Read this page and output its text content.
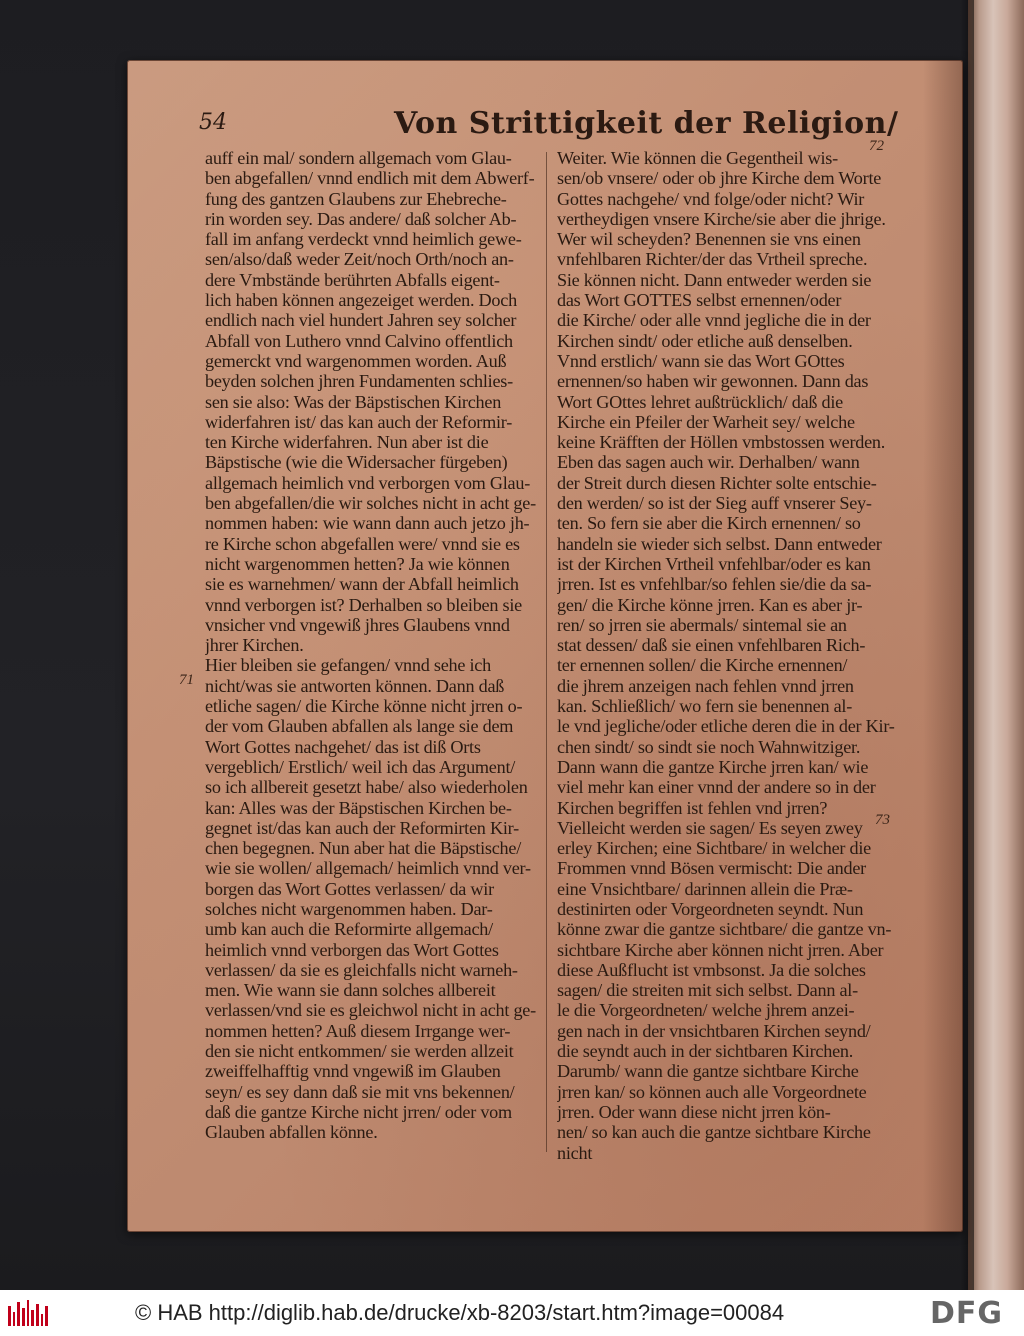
54	Von Strittigkeit der Religion/
72
71
73
auff ein mal/ sondern allgemach vom Glau-
ben abgefallen/ vnnd endlich mit dem Abwerf-
fung des gantzen Glaubens zur Ehebreche-
rin worden sey. Das andere/ daß solcher Ab-
fall im anfang verdeckt vnnd heimlich gewe-
sen/also/daß weder Zeit/noch Orth/noch an-
dere Vmbstände berührten Abfalls eigent-
lich haben können angezeiget werden. Doch
endlich nach viel hundert Jahren sey solcher
Abfall von Luthero vnnd Calvino offentlich
gemerckt vnd wargenommen worden. Auß
beyden solchen jhren Fundamenten schlies-
sen sie also: Was der Bäpstischen Kirchen
widerfahren ist/ das kan auch der Reformir-
ten Kirche widerfahren. Nun aber ist die
Bäpstische (wie die Widersacher fürgeben)
allgemach heimlich vnd verborgen vom Glau-
ben abgefallen/die wir solches nicht in acht ge-
nommen haben: wie wann dann auch jetzo jh-
re Kirche schon abgefallen were/ vnnd sie es
nicht wargenommen hetten? Ja wie können
sie es warnehmen/ wann der Abfall heimlich
vnnd verborgen ist? Derhalben so bleiben sie
vnsicher vnd vngewiß jhres Glaubens vnnd
jhrer Kirchen.
Hier bleiben sie gefangen/ vnnd sehe ich
nicht/was sie antworten können. Dann daß
etliche sagen/ die Kirche könne nicht jrren o-
der vom Glauben abfallen als lange sie dem
Wort Gottes nachgehet/ das ist diß Orts
vergeblich/ Erstlich/ weil ich das Argument/
so ich allbereit gesetzt habe/ also wiederholen
kan: Alles was der Bäpstischen Kirchen be-
gegnet ist/das kan auch der Reformirten Kir-
chen begegnen. Nun aber hat die Bäpstische/
wie sie wollen/ allgemach/ heimlich vnnd ver-
borgen das Wort Gottes verlassen/ da wir
solches nicht wargenommen haben. Dar-
umb kan auch die Reformirte allgemach/
heimlich vnnd verborgen das Wort Gottes
verlassen/ da sie es gleichfalls nicht warneh-
men. Wie wann sie dann solches allbereit
verlassen/vnd sie es gleichwol nicht in acht ge-
nommen hetten? Auß diesem Irrgange wer-
den sie nicht entkommen/ sie werden allzeit
zweiffelhafftig vnnd vngewiß im Glauben
seyn/ es sey dann daß sie mit vns bekennen/
daß die gantze Kirche nicht jrren/ oder vom
Glauben abfallen könne.
Weiter. Wie können die Gegentheil wis-
sen/ob vnsere/ oder ob jhre Kirche dem Worte
Gottes nachgehe/ vnd folge/oder nicht? Wir
vertheydigen vnsere Kirche/sie aber die jhrige.
Wer wil scheyden? Benennen sie vns einen
vnfehlbaren Richter/der das Vrtheil spreche.
Sie können nicht. Dann entweder werden sie
das Wort GOTTES selbst ernennen/oder
die Kirche/ oder alle vnnd jegliche die in der
Kirchen sindt/ oder etliche auß denselben.
Vnnd erstlich/ wann sie das Wort GOttes
ernennen/so haben wir gewonnen. Dann das
Wort GOttes lehret außtrücklich/ daß die
Kirche ein Pfeiler der Warheit sey/ welche
keine Kräfften der Höllen vmbstossen werden.
Eben das sagen auch wir. Derhalben/ wann
der Streit durch diesen Richter solte entschie-
den werden/ so ist der Sieg auff vnserer Sey-
ten. So fern sie aber die Kirch ernennen/ so
handeln sie wieder sich selbst. Dann entweder
ist der Kirchen Vrtheil vnfehlbar/oder es kan
jrren. Ist es vnfehlbar/so fehlen sie/die da sa-
gen/ die Kirche könne jrren. Kan es aber jr-
ren/ so jrren sie abermals/ sintemal sie an
stat dessen/ daß sie einen vnfehlbaren Rich-
ter ernennen sollen/ die Kirche ernennen/
die jhrem anzeigen nach fehlen vnnd jrren
kan. Schließlich/ wo fern sie benennen al-
le vnd jegliche/oder etliche deren die in der Kir-
chen sindt/ so sindt sie noch Wahnwitziger.
Dann wann die gantze Kirche jrren kan/ wie
viel mehr kan einer vnnd der andere so in der
Kirchen begriffen ist fehlen vnd jrren?
Vielleicht werden sie sagen/ Es seyen zwey
erley Kirchen; eine Sichtbare/ in welcher die
Frommen vnnd Bösen vermischt: Die ander
eine Vnsichtbare/ darinnen allein die Præ-
destinirten oder Vorgeordneten seyndt. Nun
könne zwar die gantze sichtbare/ die gantze vn-
sichtbare Kirche aber können nicht jrren. Aber
diese Außflucht ist vmbsonst. Ja die solches
sagen/ die streiten mit sich selbst. Dann al-
le die Vorgeordneten/ welche jhrem anzei-
gen nach in der vnsichtbaren Kirchen seynd/
die seyndt auch in der sichtbaren Kirchen.
Darumb/ wann die gantze sichtbare Kirche
jrren kan/ so können auch alle Vorgeordnete
jrren. Oder wann diese nicht jrren kön-
nen/ so kan auch die gantze sichtbare Kirche
nicht
© HAB http://diglib.hab.de/drucke/xb-8203/start.htm?image=00084	DFG
